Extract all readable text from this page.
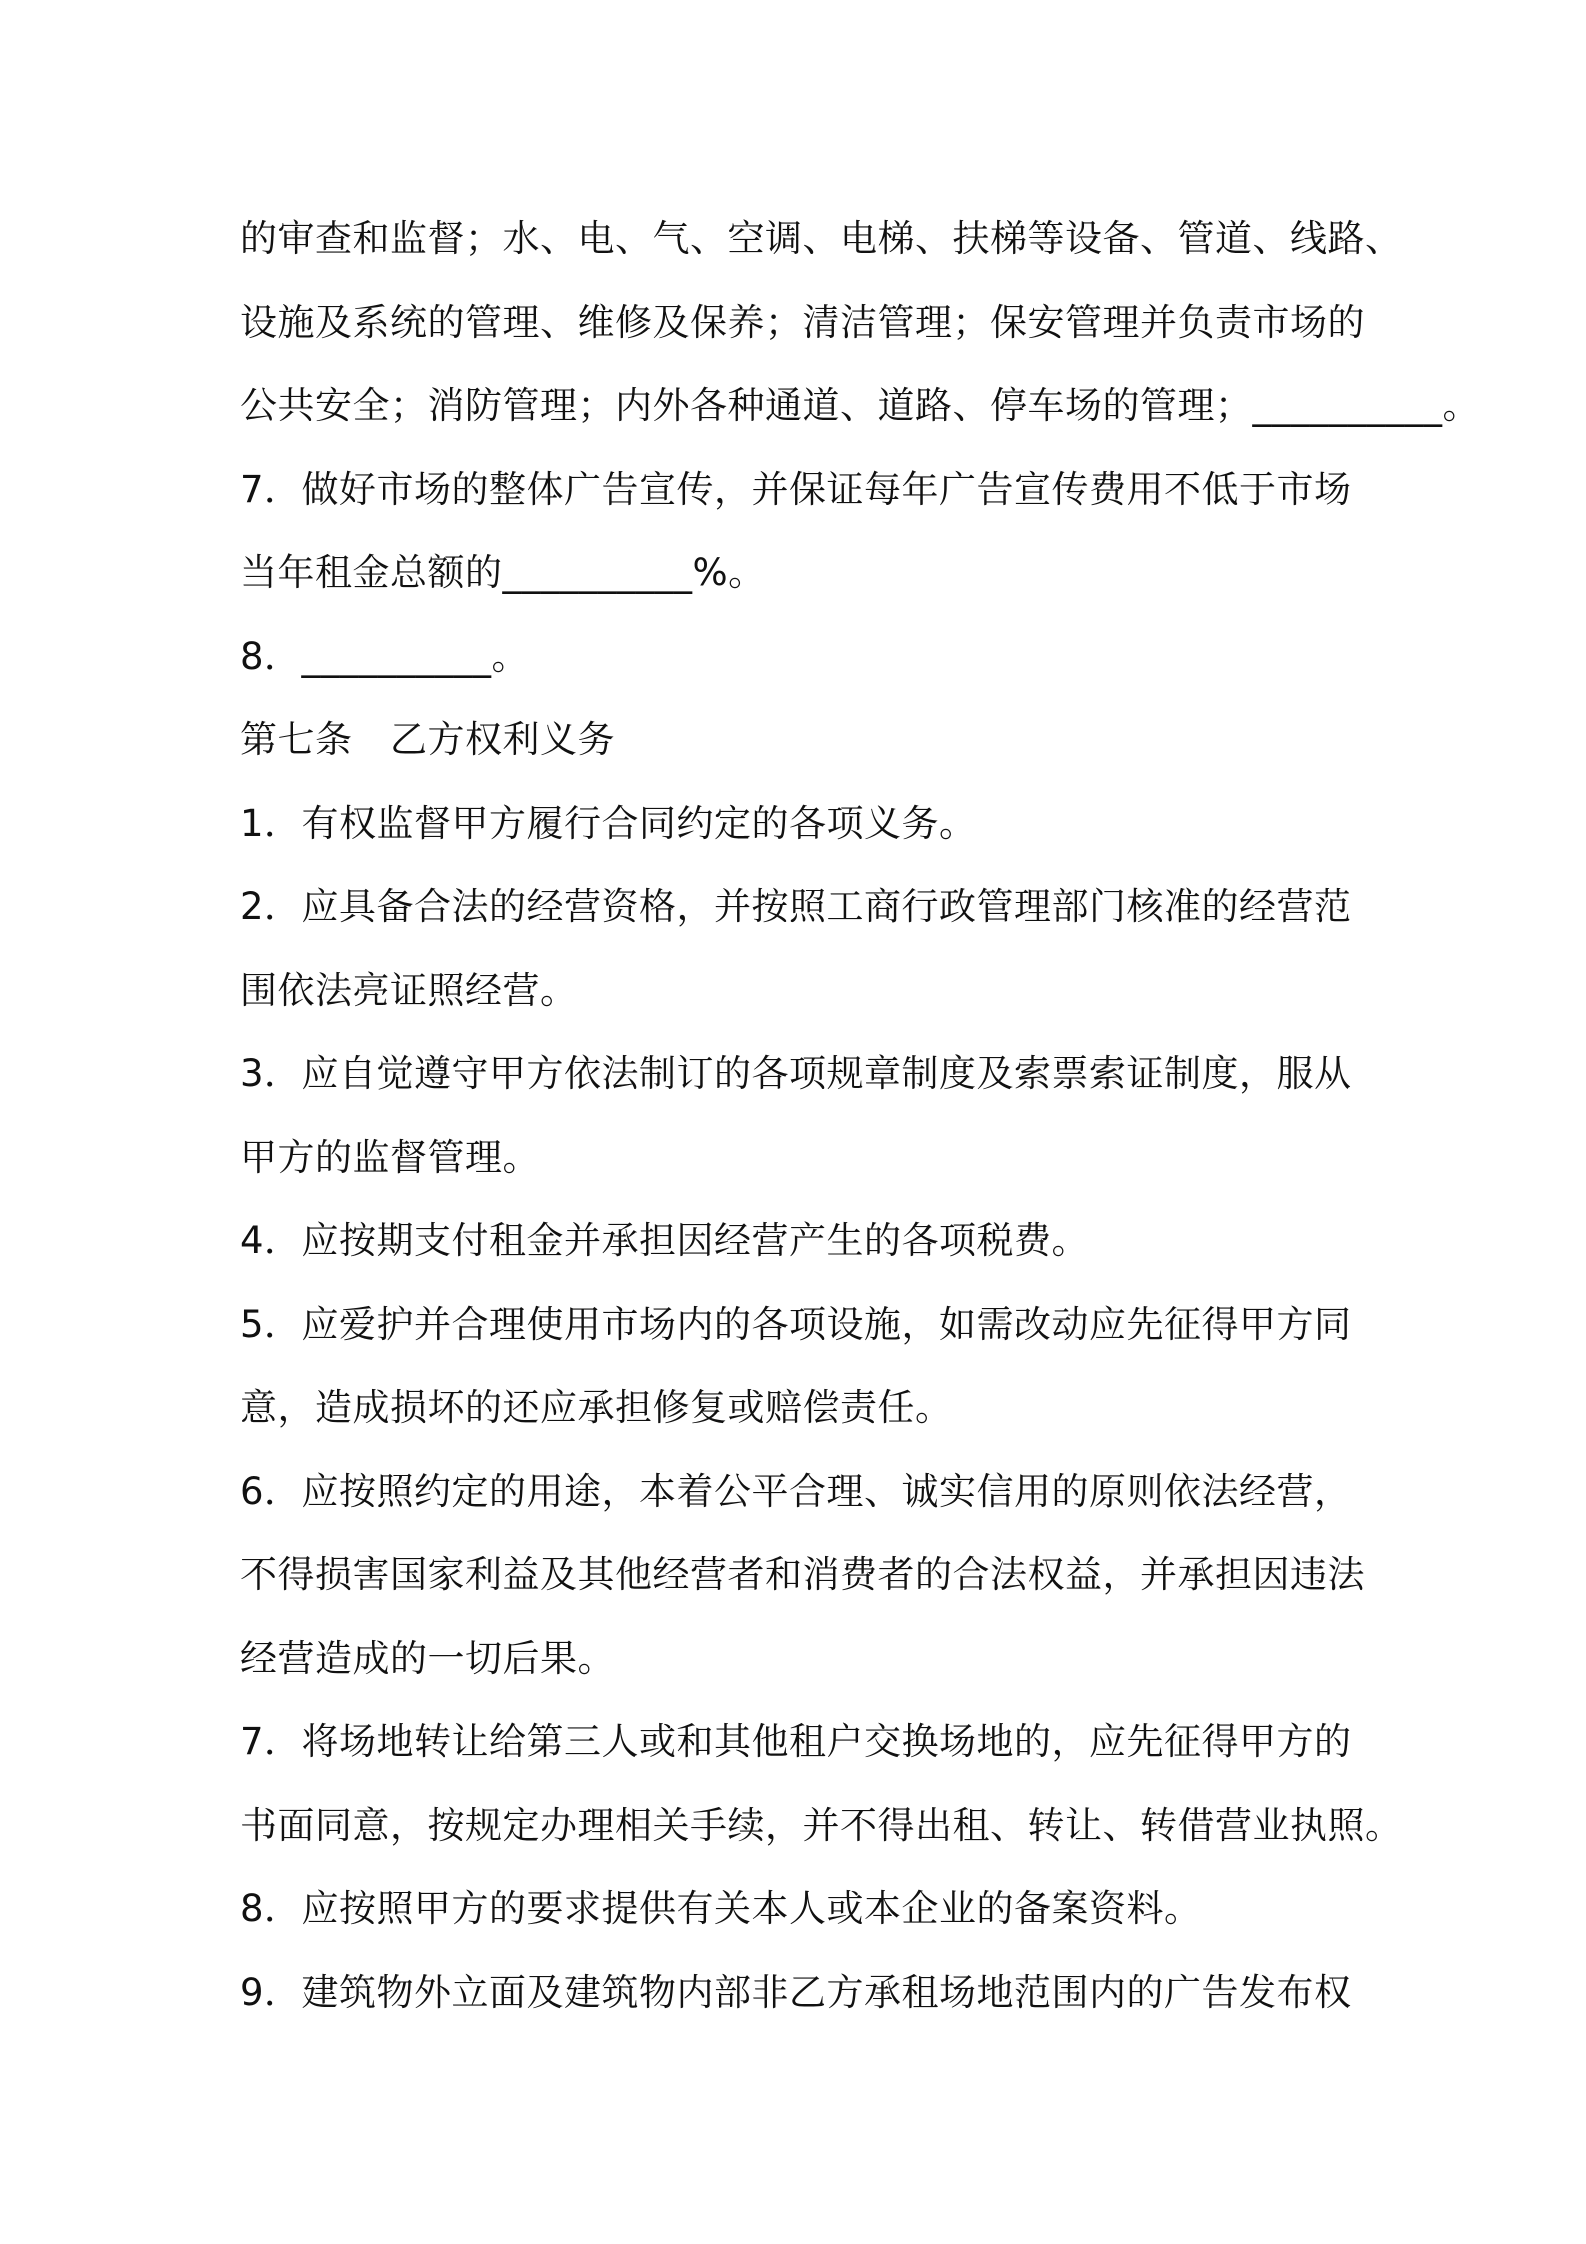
的审查和监督；水、电、气、空调、电梯、扶梯等设备、管道、线路、
设施及系统的管理、维修及保养；清洁管理；保安管理并负责市场的
公共安全；消防管理；内外各种通道、道路、停车场的管理；__________。
7．做好市场的整体广告宣传，并保证每年广告宣传费用不低于市场
当年租金总额的__________%。
8．__________。
第七条　乙方权利义务
1．有权监督甲方履行合同约定的各项义务。
2．应具备合法的经营资格，并按照工商行政管理部门核准的经营范
围依法亮证照经营。
3．应自觉遵守甲方依法制订的各项规章制度及索票索证制度，服从
甲方的监督管理。
4．应按期支付租金并承担因经营产生的各项税费。
5．应爱护并合理使用市场内的各项设施，如需改动应先征得甲方同
意，造成损坏的还应承担修复或赔偿责任。
6．应按照约定的用途，本着公平合理、诚实信用的原则依法经营，
不得损害国家利益及其他经营者和消费者的合法权益，并承担因违法
经营造成的一切后果。
7．将场地转让给第三人或和其他租户交换场地的，应先征得甲方的
书面同意，按规定办理相关手续，并不得出租、转让、转借营业执照。
8．应按照甲方的要求提供有关本人或本企业的备案资料。
9．建筑物外立面及建筑物内部非乙方承租场地范围内的广告发布权
